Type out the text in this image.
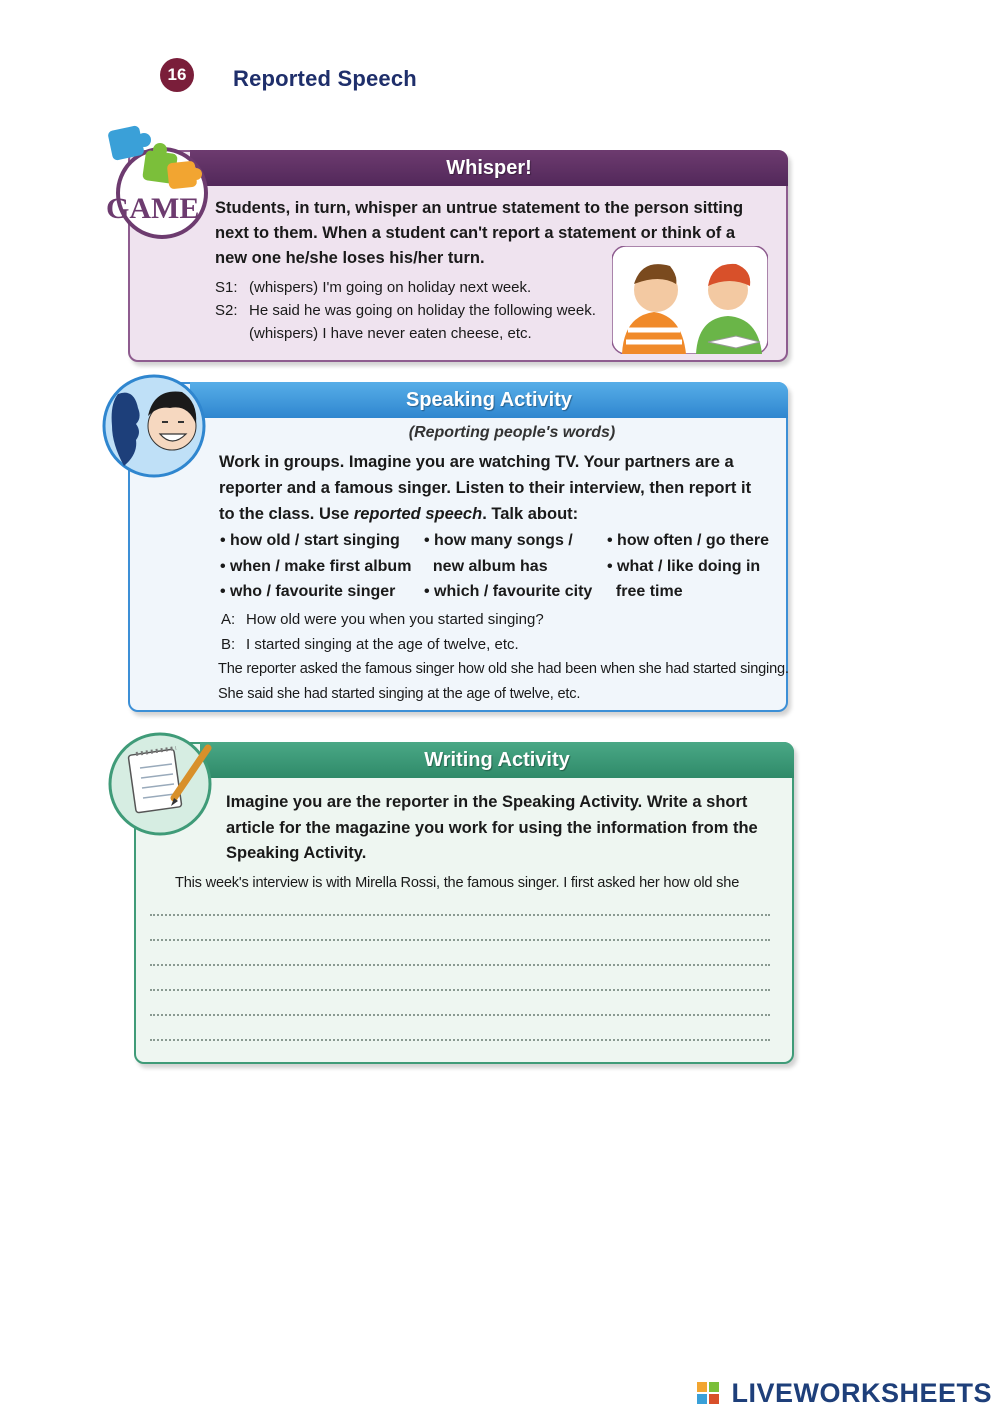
16	Reported Speech
Whisper!
GAME Students, in turn, whisper an untrue statement to the person sitting
next to them. When a student can't report a statement or think of a
new one he/she loses his/her turn.
S1: (whispers) I'm going on holiday next week.
S2: He said he was going on holiday the following week.
(whispers) I have never eaten cheese, etc.
Speaking Activity
(Reporting people's words)
Work in groups. Imagine you are watching TV. Your partners are a
reporter and a famous singer. Listen to their interview, then report it
to the class. Use reported speech. Talk about:
• how old / start singing
• when / make first album
• who / favourite singer
• how many songs /
new album has
• which / favourite city
• how often / go there
• what / like doing in
free time
A: How old were you when you started singing?
B: I started singing at the age of twelve, etc.
The reporter asked the famous singer how old she had been when she had started singing.
She said she had started singing at the age of twelve, etc.
Writing Activity
Imagine you are the reporter in the Speaking Activity. Write a short
article for the magazine you work for using the information from the
Speaking Activity.
This week's interview is with Mirella Rossi, the famous singer. I first asked her how old she
LIVEWORKSHEETS
